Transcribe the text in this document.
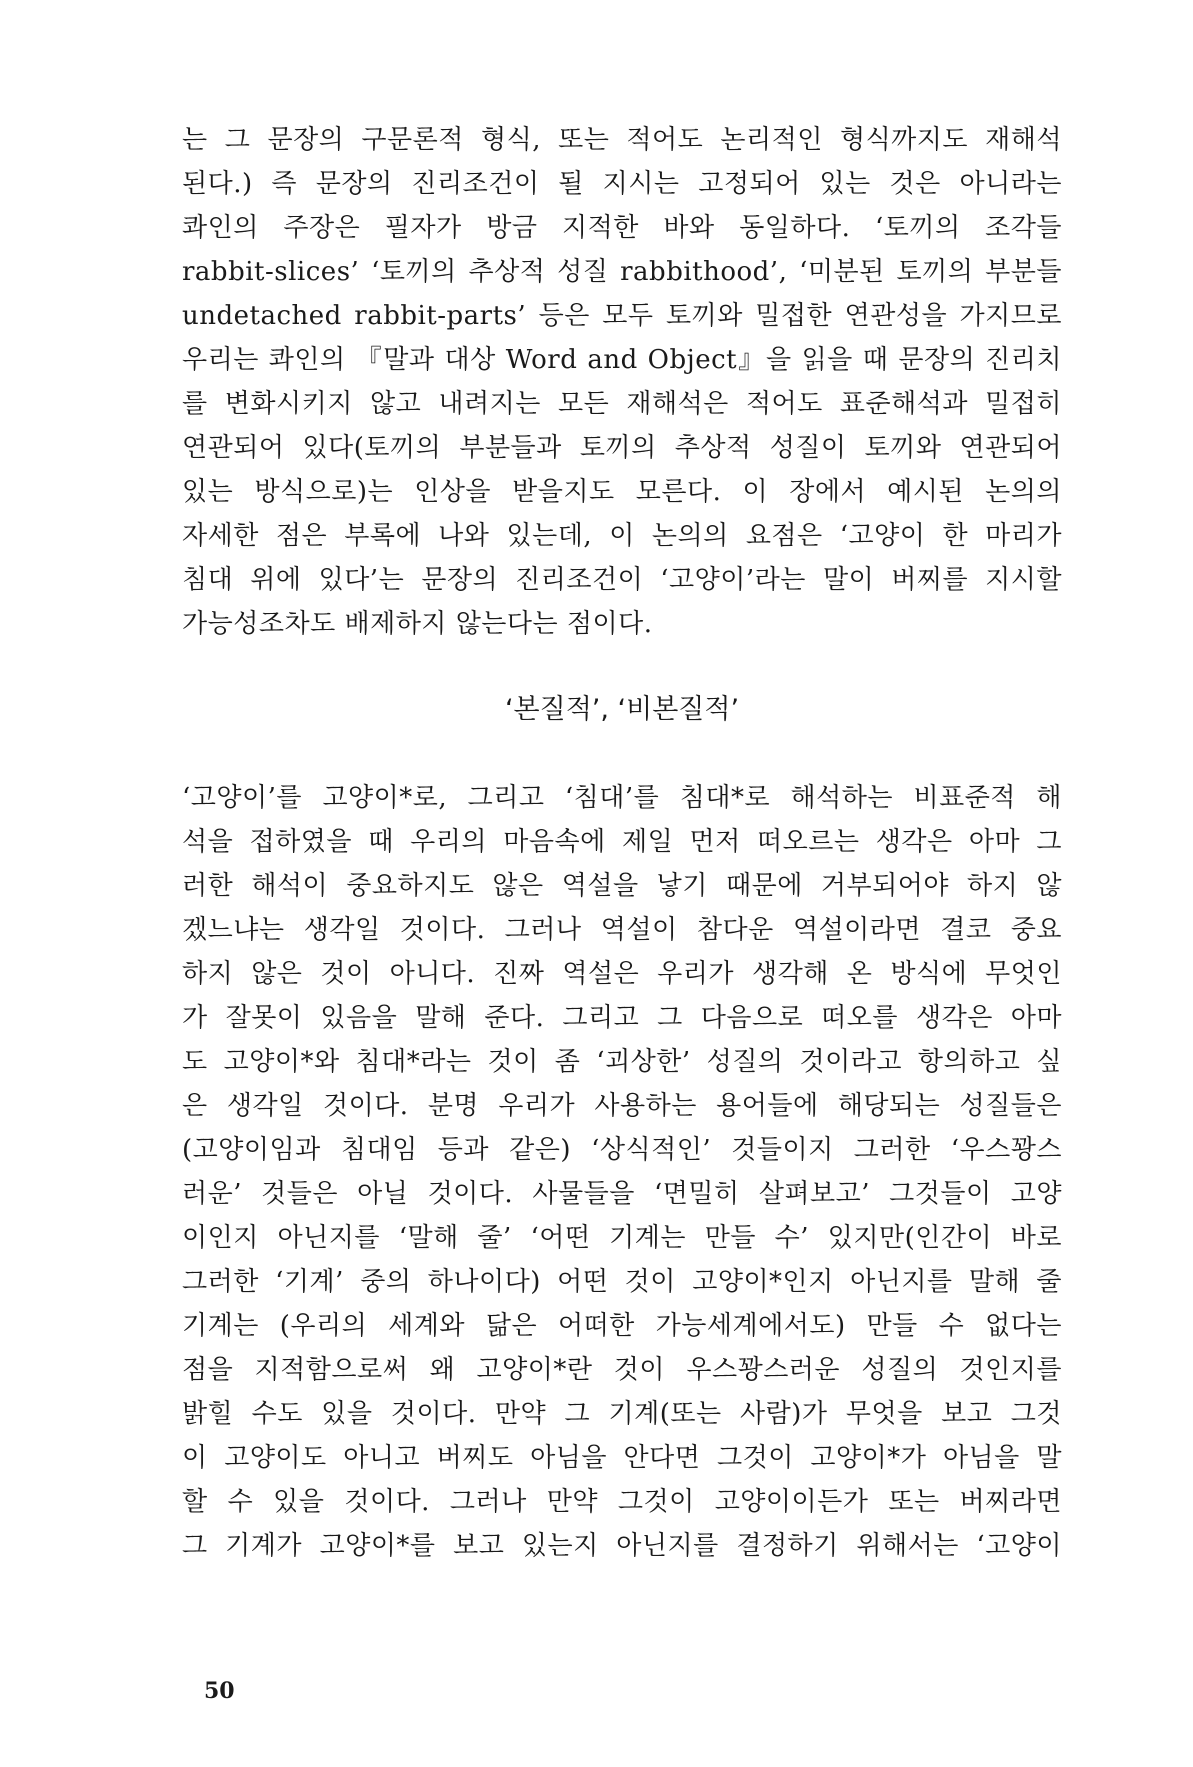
는 그 문장의 구문론적 형식, 또는 적어도 논리적인 형식까지도 재해석
된다.) 즉 문장의 진리조건이 될 지시는 고정되어 있는 것은 아니라는
콰인의 주장은 필자가 방금 지적한 바와 동일하다. ‘토끼의 조각들
rabbit-slices’ ‘토끼의 추상적 성질 rabbithood’, ‘미분된 토끼의 부분들
undetached rabbit-parts’ 등은 모두 토끼와 밀접한 연관성을 가지므로
우리는 콰인의 『말과 대상 Word and Object』을 읽을 때 문장의 진리치
를 변화시키지 않고 내려지는 모든 재해석은 적어도 표준해석과 밀접히
연관되어 있다(토끼의 부분들과 토끼의 추상적 성질이 토끼와 연관되어
있는 방식으로)는 인상을 받을지도 모른다. 이 장에서 예시된 논의의
자세한 점은 부록에 나와 있는데, 이 논의의 요점은 ‘고양이 한 마리가
침대 위에 있다’는 문장의 진리조건이 ‘고양이’라는 말이 버찌를 지시할
가능성조차도 배제하지 않는다는 점이다.
‘본질적’, ‘비본질적’
‘고양이’를 고양이*로, 그리고 ‘침대’를 침대*로 해석하는 비표준적 해
석을 접하였을 때 우리의 마음속에 제일 먼저 떠오르는 생각은 아마 그
러한 해석이 중요하지도 않은 역설을 낳기 때문에 거부되어야 하지 않
겠느냐는 생각일 것이다. 그러나 역설이 참다운 역설이라면 결코 중요
하지 않은 것이 아니다. 진짜 역설은 우리가 생각해 온 방식에 무엇인
가 잘못이 있음을 말해 준다. 그리고 그 다음으로 떠오를 생각은 아마
도 고양이*와 침대*라는 것이 좀 ‘괴상한’ 성질의 것이라고 항의하고 싶
은 생각일 것이다. 분명 우리가 사용하는 용어들에 해당되는 성질들은
(고양이임과 침대임 등과 같은) ‘상식적인’ 것들이지 그러한 ‘우스꽝스
러운’ 것들은 아닐 것이다. 사물들을 ‘면밀히 살펴보고’ 그것들이 고양
이인지 아닌지를 ‘말해 줄’ ‘어떤 기계는 만들 수’ 있지만(인간이 바로
그러한 ‘기계’ 중의 하나이다) 어떤 것이 고양이*인지 아닌지를 말해 줄
기계는 (우리의 세계와 닮은 어떠한 가능세계에서도) 만들 수 없다는
점을 지적함으로써 왜 고양이*란 것이 우스꽝스러운 성질의 것인지를
밝힐 수도 있을 것이다. 만약 그 기계(또는 사람)가 무엇을 보고 그것
이 고양이도 아니고 버찌도 아님을 안다면 그것이 고양이*가 아님을 말
할 수 있을 것이다. 그러나 만약 그것이 고양이이든가 또는 버찌라면
그 기계가 고양이*를 보고 있는지 아닌지를 결정하기 위해서는 ‘고양이
50
